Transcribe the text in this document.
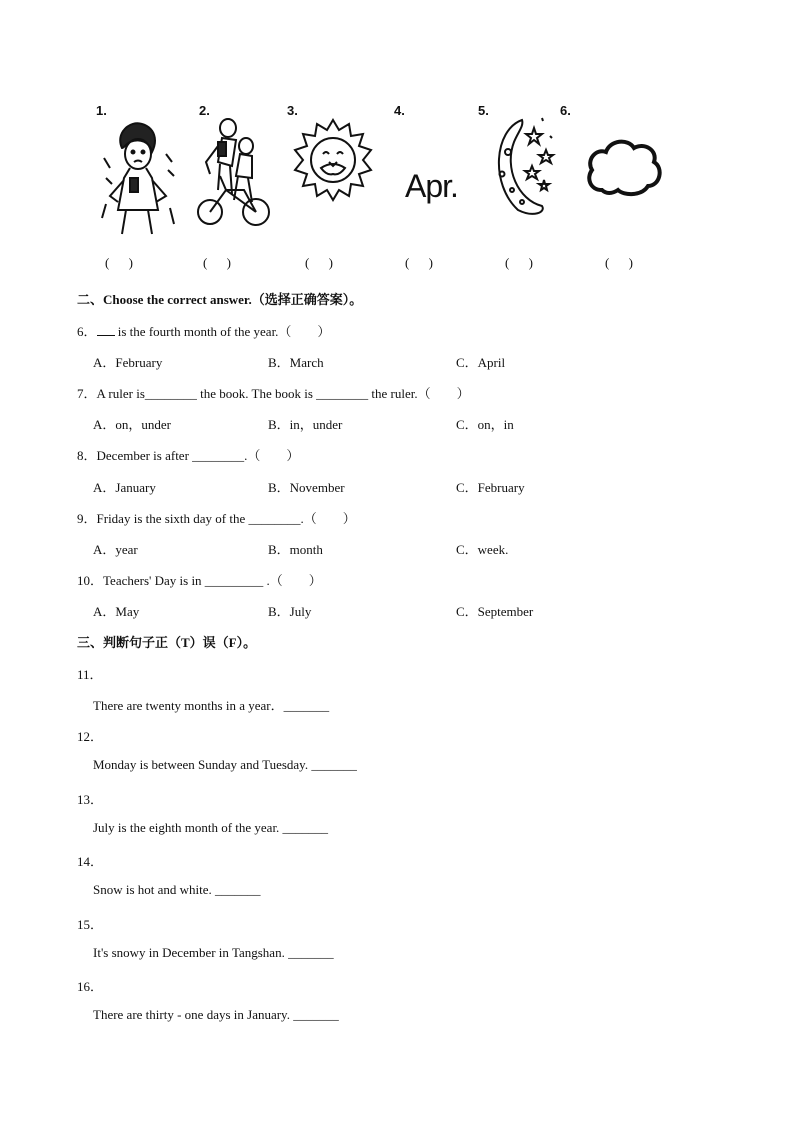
1.	2.	3.	4.	5.	6.
Apr.
( )	( )	( )	( )	( )	( )
二、Choose the correct answer.（选择正确答案）。
6． is the fourth month of the year.（　　）
A．February	B．March	C．April
7．A ruler is________ the book. The book is ________ the ruler.（　　）
A．on，under	B．in，under	C．on，in
8．December is after ________.（　　）
A．January	B．November	C．February
9．Friday is the sixth day of the ________.（　　）
A．year	B．month	C．week.
10．Teachers' Day is in _________ .（　　）
A．May	B．July	C．September
三、判断句子正（T）误（F）。
11．
There are twenty months in a year．_______
12．
Monday is between Sunday and Tuesday. _______
13．
July is the eighth month of the year. _______
14．
Snow is hot and white. _______
15．
It's snowy in December in Tangshan. _______
16．
There are thirty - one days in January. _______
